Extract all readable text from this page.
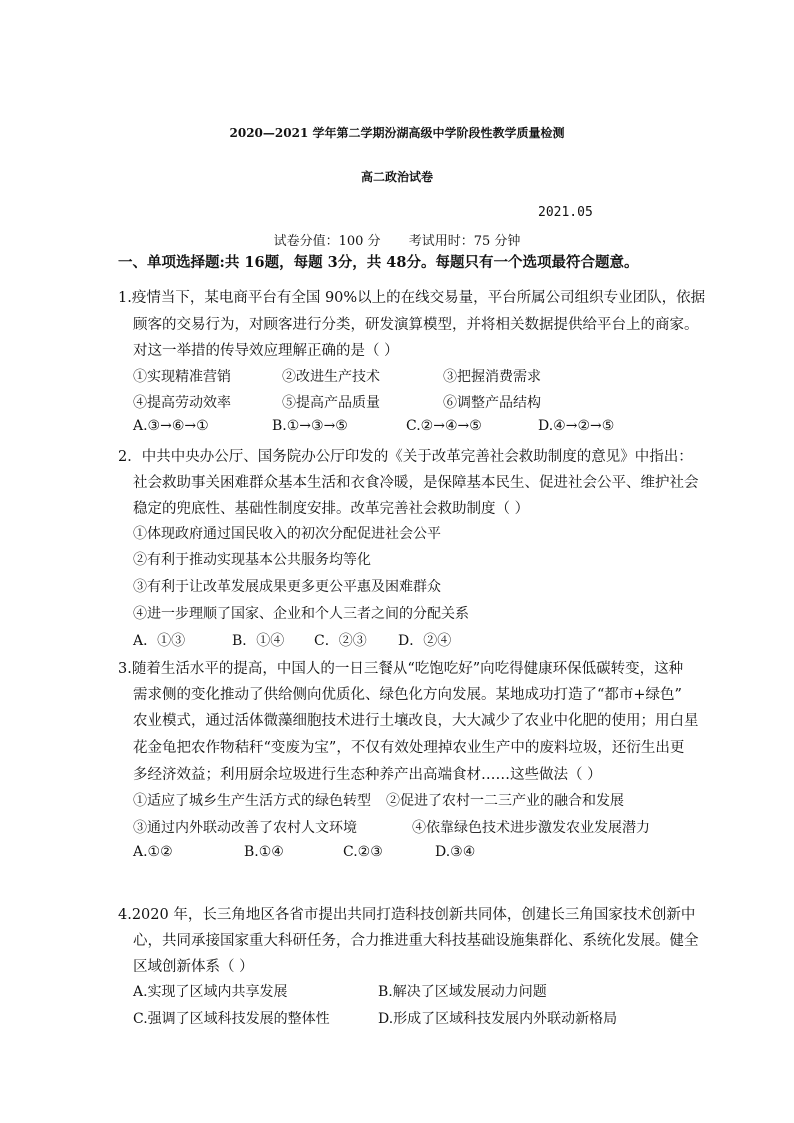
2020—2021 学年第二学期汾湖高级中学阶段性教学质量检测
高二政治试卷
2021.05
试卷分值：100 分 考试用时：75 分钟
一、单项选择题:共 16题，每题 3分，共 48分。每题只有一个选项最符合题意。
1.疫情当下，某电商平台有全国 90%以上的在线交易量，平台所属公司组织专业团队，依据
顾客的交易行为，对顾客进行分类，研发演算模型，并将相关数据提供给平台上的商家。
对这一举措的传导效应理解正确的是（ ）
①实现精准营销	②改进生产技术	③把握消费需求
④提高劳动效率	⑤提高产品质量	⑥调整产品结构
A.③→⑥→①	B.①→③→⑤	C.②→④→⑤	D.④→②→⑤
2．中共中央办公厅、国务院办公厅印发的《关于改革完善社会救助制度的意见》中指出：
社会救助事关困难群众基本生活和衣食冷暖，是保障基本民生、促进社会公平、维护社会
稳定的兜底性、基础性制度安排。改革完善社会救助制度（ ）
①体现政府通过国民收入的初次分配促进社会公平
②有利于推动实现基本公共服务均等化
③有利于让改革发展成果更多更公平惠及困难群众
④进一步理顺了国家、企业和个人三者之间的分配关系
A．①③	B．①④ C．②③ D．②④
3.随着生活水平的提高，中国人的一日三餐从“吃饱吃好”向吃得健康环保低碳转变，这种
需求侧的变化推动了供给侧向优质化、绿色化方向发展。某地成功打造了“都市+绿色”
农业模式，通过活体微藻细胞技术进行土壤改良，大大减少了农业中化肥的使用；用白星
花金龟把农作物秸秆“变废为宝”，不仅有效处理掉农业生产中的废料垃圾，还衍生出更
多经济效益；利用厨余垃圾进行生态种养产出高端食材……这些做法（ ）
①适应了城乡生产生活方式的绿色转型 ②促进了农村一二三产业的融合和发展
③通过内外联动改善了农村人文环境	④依靠绿色技术进步激发农业发展潜力
A.①②	B.①④	C.②③	D.③④
4.2020 年，长三角地区各省市提出共同打造科技创新共同体，创建长三角国家技术创新中
心，共同承接国家重大科研任务，合力推进重大科技基础设施集群化、系统化发展。健全
区域创新体系（ ）
A.实现了区域内共享发展	B.解决了区域发展动力问题
C.强调了区域科技发展的整体性	D.形成了区域科技发展内外联动新格局
